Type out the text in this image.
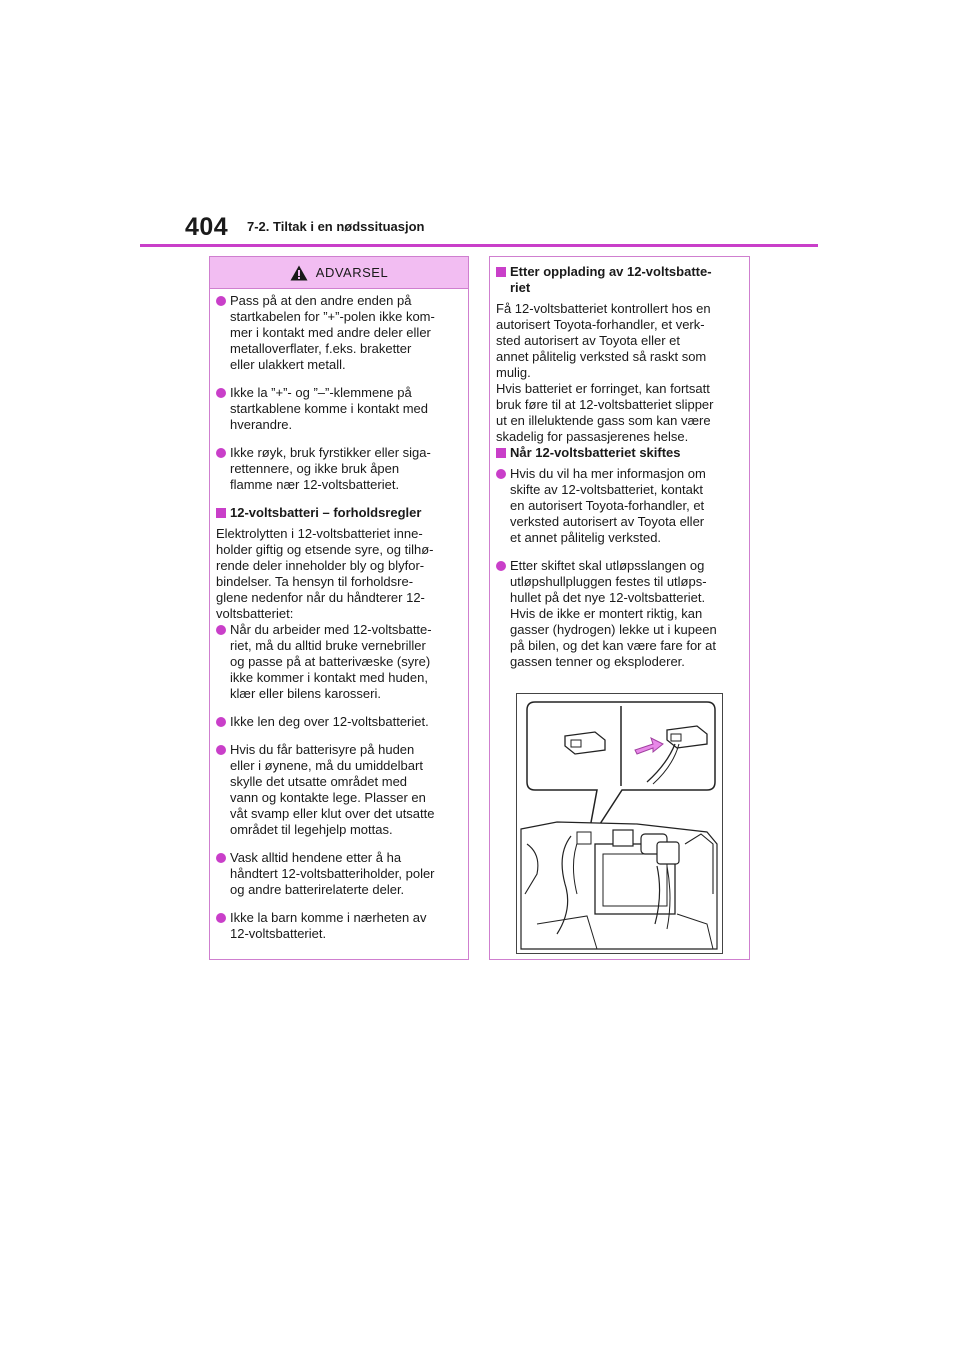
404 7-2. Tiltak i en nødssituasjon
ADVARSEL
Pass på at den andre enden på
startkabelen for ”+”-polen ikke kom-
mer i kontakt med andre deler eller
metalloverflater, f.eks. braketter
eller ulakkert metall.
Ikke la ”+”- og ”–”-klemmene på
startkablene komme i kontakt med
hverandre.
Ikke røyk, bruk fyrstikker eller siga-
rettennere, og ikke bruk åpen
flamme nær 12-voltsbatteriet.
12-voltsbatteri – forholdsregler

Elektrolytten i 12-voltsbatteriet inne-
holder giftig og etsende syre, og tilhø-
rende deler inneholder bly og blyfor-
bindelser. Ta hensyn til forholdsre-
glene nedenfor når du håndterer 12-
voltsbatteriet:

Når du arbeider med 12-voltsbatte-
riet, må du alltid bruke vernebriller
og passe på at batterivæske (syre)
ikke kommer i kontakt med huden,
klær eller bilens karosseri.
Ikke len deg over 12-voltsbatteriet.
Hvis du får batterisyre på huden
eller i øynene, må du umiddelbart
skylle det utsatte området med
vann og kontakte lege. Plasser en
våt svamp eller klut over det utsatte
området til legehjelp mottas.
Vask alltid hendene etter å ha
håndtert 12-voltsbatteriholder, poler
og andre batterirelaterte deler.
Ikke la barn komme i nærheten av
12-voltsbatteriet.
Etter opplading av 12-voltsbatte-
riet

Få 12-voltsbatteriet kontrollert hos en
autorisert Toyota-forhandler, et verk-
sted autorisert av Toyota eller et
annet pålitelig verksted så raskt som
mulig.
Hvis batteriet er forringet, kan fortsatt
bruk føre til at 12-voltsbatteriet slipper
ut en illeluktende gass som kan være
skadelig for passasjerenes helse.

Når 12-voltsbatteriet skiftes
Hvis du vil ha mer informasjon om
skifte av 12-voltsbatteriet, kontakt
en autorisert Toyota-forhandler, et
verksted autorisert av Toyota eller
et annet pålitelig verksted.
Etter skiftet skal utløpsslangen og
utløpshullpluggen festes til utløps-
hullet på det nye 12-voltsbatteriet.
Hvis de ikke er montert riktig, kan
gasser (hydrogen) lekke ut i kupeen
på bilen, og det kan være fare for at
gassen tenner og eksploderer.
